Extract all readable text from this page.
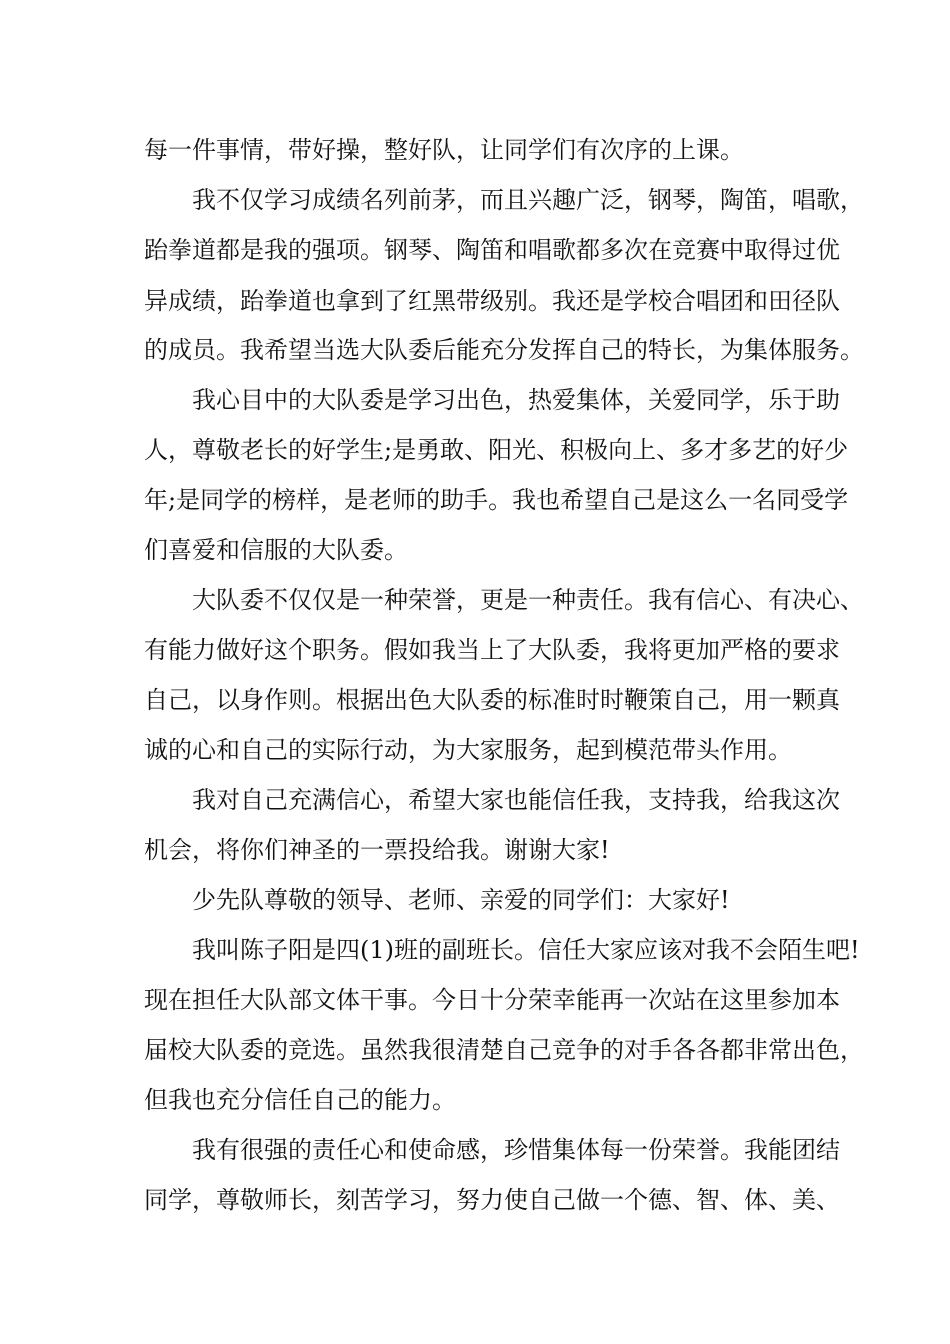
每一件事情，带好操，整好队，让同学们有次序的上课。
我不仅学习成绩名列前茅，而且兴趣广泛，钢琴，陶笛，唱歌，
跆拳道都是我的强项。钢琴、陶笛和唱歌都多次在竞赛中取得过优
异成绩，跆拳道也拿到了红黑带级别。我还是学校合唱团和田径队
的成员。我希望当选大队委后能充分发挥自己的特长，为集体服务。
我心目中的大队委是学习出色，热爱集体，关爱同学，乐于助
人，尊敬老长的好学生;是勇敢、阳光、积极向上、多才多艺的好少
年;是同学的榜样，是老师的助手。我也希望自己是这么一名同受学
们喜爱和信服的大队委。
大队委不仅仅是一种荣誉，更是一种责任。我有信心、有决心、
有能力做好这个职务。假如我当上了大队委，我将更加严格的要求
自己，以身作则。根据出色大队委的标准时时鞭策自己，用一颗真
诚的心和自己的实际行动，为大家服务，起到模范带头作用。
我对自己充满信心，希望大家也能信任我，支持我，给我这次
机会，将你们神圣的一票投给我。谢谢大家!
少先队尊敬的领导、老师、亲爱的同学们：大家好!
我叫陈子阳是四(1)班的副班长。信任大家应该对我不会陌生吧!
现在担任大队部文体干事。今日十分荣幸能再一次站在这里参加本
届校大队委的竞选。虽然我很清楚自己竞争的对手各各都非常出色，
但我也充分信任自己的能力。
我有很强的责任心和使命感，珍惜集体每一份荣誉。我能团结
同学，尊敬师长，刻苦学习，努力使自己做一个德、智、体、美、
